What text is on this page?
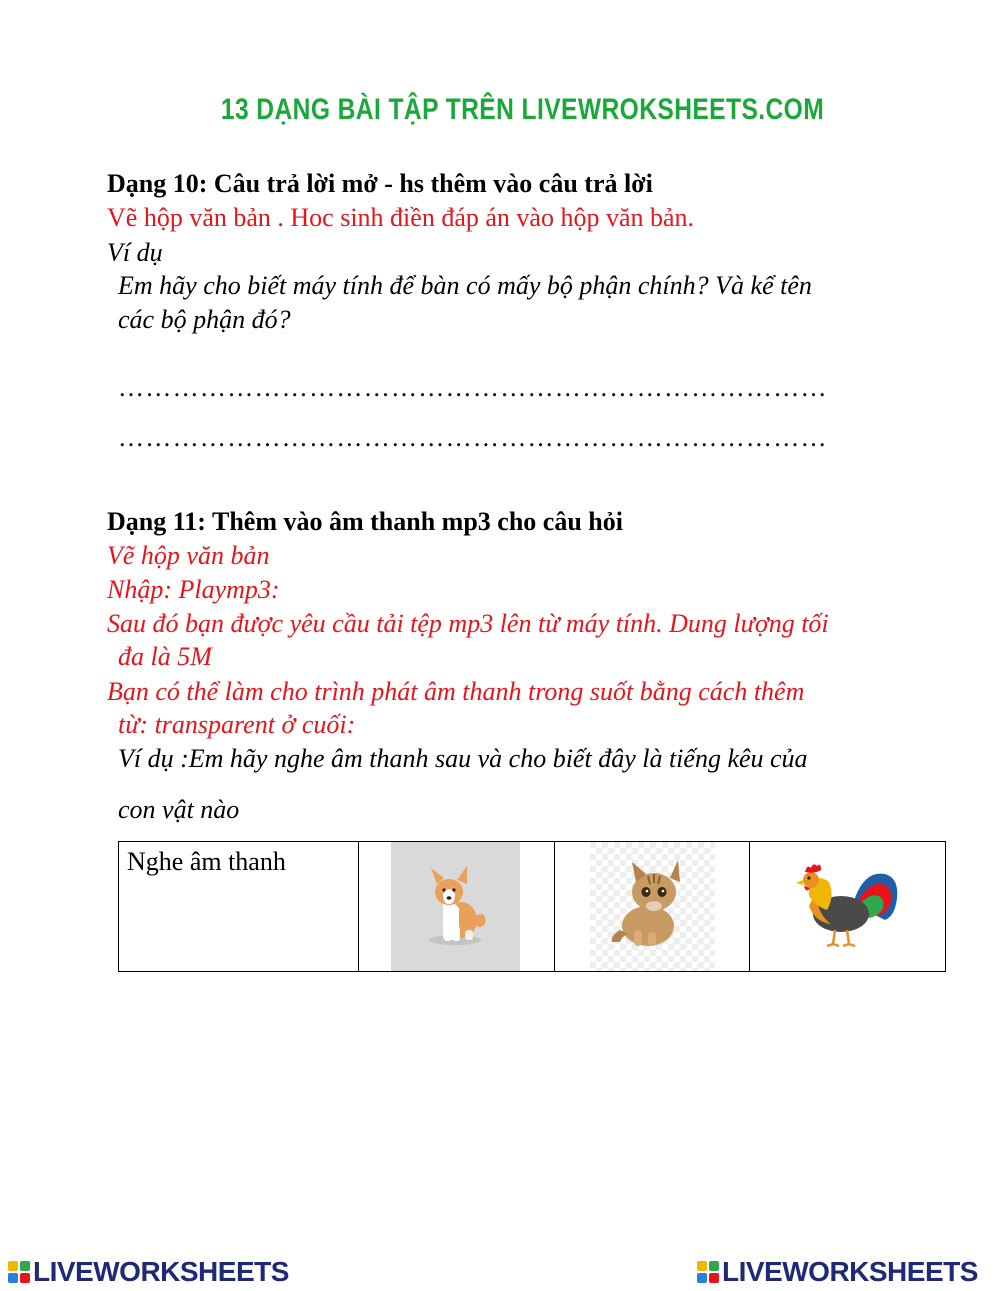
13 DẠNG BÀI TẬP TRÊN LIVEWROKSHEETS.COM
Dạng 10: Câu trả lời mở - hs thêm vào câu trả lời
Vẽ hộp văn bản . Hoc sinh điền đáp án vào hộp văn bản.
Ví dụ
Em hãy cho biết máy tính để bàn có mấy bộ phận chính? Và kể tên
các bộ phận đó?
……………………………………………………………………
……………………………………………………………………
Dạng 11: Thêm vào âm thanh mp3 cho câu hỏi
Vẽ hộp văn bản
Nhập: Playmp3:
Sau đó bạn được yêu cầu tải tệp mp3 lên từ máy tính. Dung lượng tối
đa là 5M
Bạn có thể làm cho trình phát âm thanh trong suốt bằng cách thêm
từ: transparent ở cuối:
Ví dụ :Em hãy nghe âm thanh sau và cho biết đây là tiếng kêu của
con vật nào
Nghe âm thanh

LIVEWORKSHEETS	LIVEWORKSHEETS
